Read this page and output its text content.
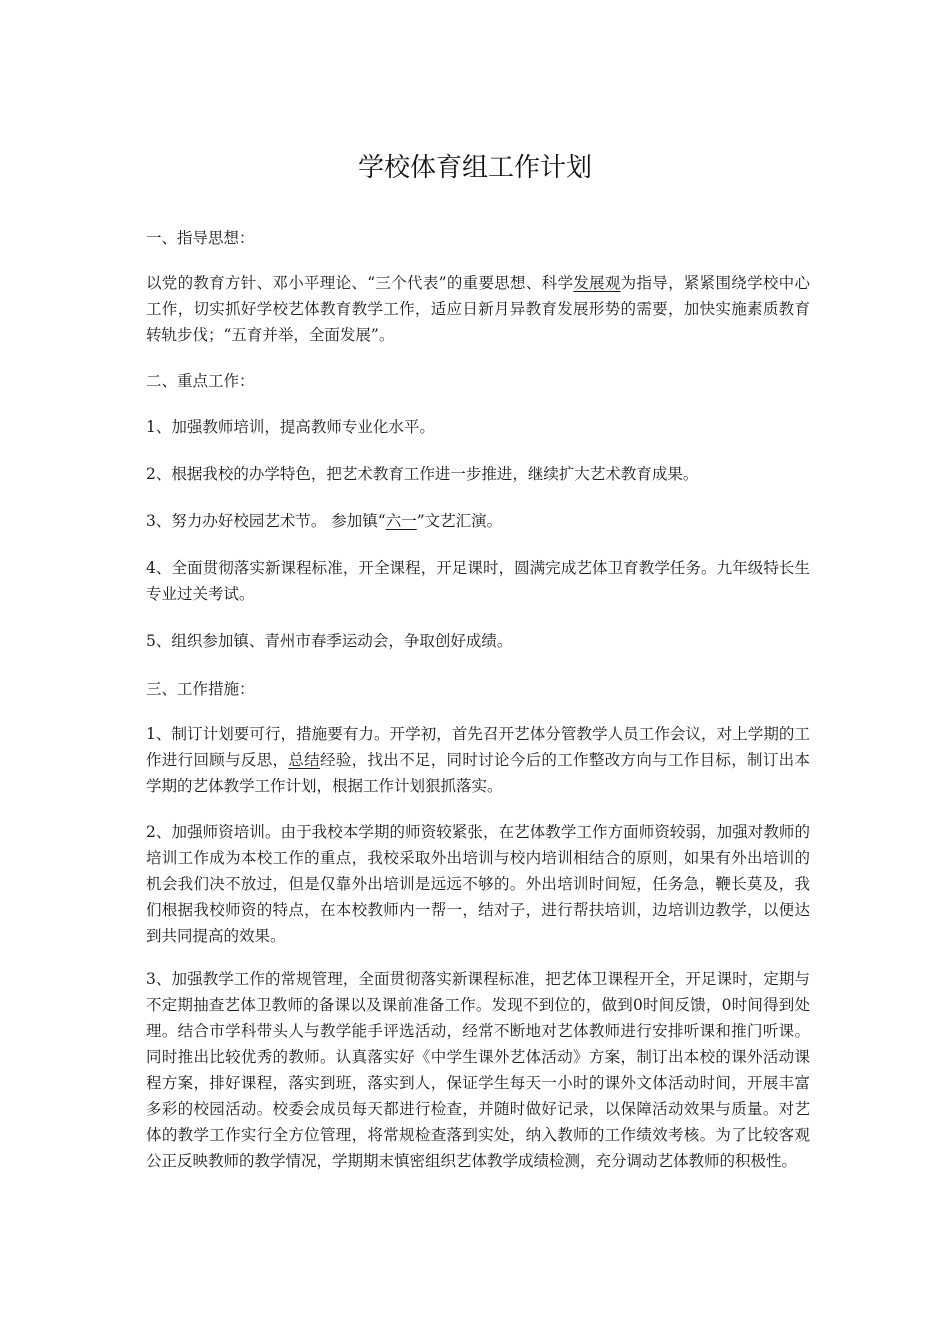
学校体育组工作计划

一、指导思想：

以党的教育方针、邓小平理论、“三个代表”的重要思想、科学发展观为指导，紧紧围绕学校中心工作，切实抓好学校艺体教育教学工作，适应日新月异教育发展形势的需要，加快实施素质教育转轨步伐；“五育并举，全面发展”。

二、重点工作：

1、加强教师培训，提高教师专业化水平。

2、根据我校的办学特色，把艺术教育工作进一步推进，继续扩大艺术教育成果。

3、努力办好校园艺术节。 参加镇“六一”文艺汇演。

4、全面贯彻落实新课程标准，开全课程，开足课时，圆满完成艺体卫育教学任务。九年级特长生专业过关考试。

5、组织参加镇、青州市春季运动会，争取创好成绩。

三、工作措施：

1、制订计划要可行，措施要有力。开学初，首先召开艺体分管教学人员工作会议，对上学期的工作进行回顾与反思，总结经验，找出不足，同时讨论今后的工作整改方向与工作目标，制订出本学期的艺体教学工作计划，根据工作计划狠抓落实。

2、加强师资培训。由于我校本学期的师资较紧张，在艺体教学工作方面师资较弱，加强对教师的培训工作成为本校工作的重点，我校采取外出培训与校内培训相结合的原则，如果有外出培训的机会我们决不放过，但是仅靠外出培训是远远不够的。外出培训时间短，任务急，鞭长莫及，我们根据我校师资的特点，在本校教师内一帮一，结对子，进行帮扶培训，边培训边教学，以便达到共同提高的效果。

3、加强教学工作的常规管理，全面贯彻落实新课程标准，把艺体卫课程开全，开足课时，定期与不定期抽查艺体卫教师的备课以及课前准备工作。发现不到位的，做到0时间反馈，0时间得到处理。结合市学科带头人与教学能手评选活动，经常不断地对艺体教师进行安排听课和推门听课。同时推出比较优秀的教师。认真落实好《中学生课外艺体活动》方案，制订出本校的课外活动课程方案，排好课程，落实到班，落实到人，保证学生每天一小时的课外文体活动时间，开展丰富多彩的校园活动。校委会成员每天都进行检查，并随时做好记录，以保障活动效果与质量。对艺体的教学工作实行全方位管理，将常规检查落到实处，纳入教师的工作绩效考核。为了比较客观公正反映教师的教学情况，学期期末慎密组织艺体教学成绩检测，充分调动艺体教师的积极性。
